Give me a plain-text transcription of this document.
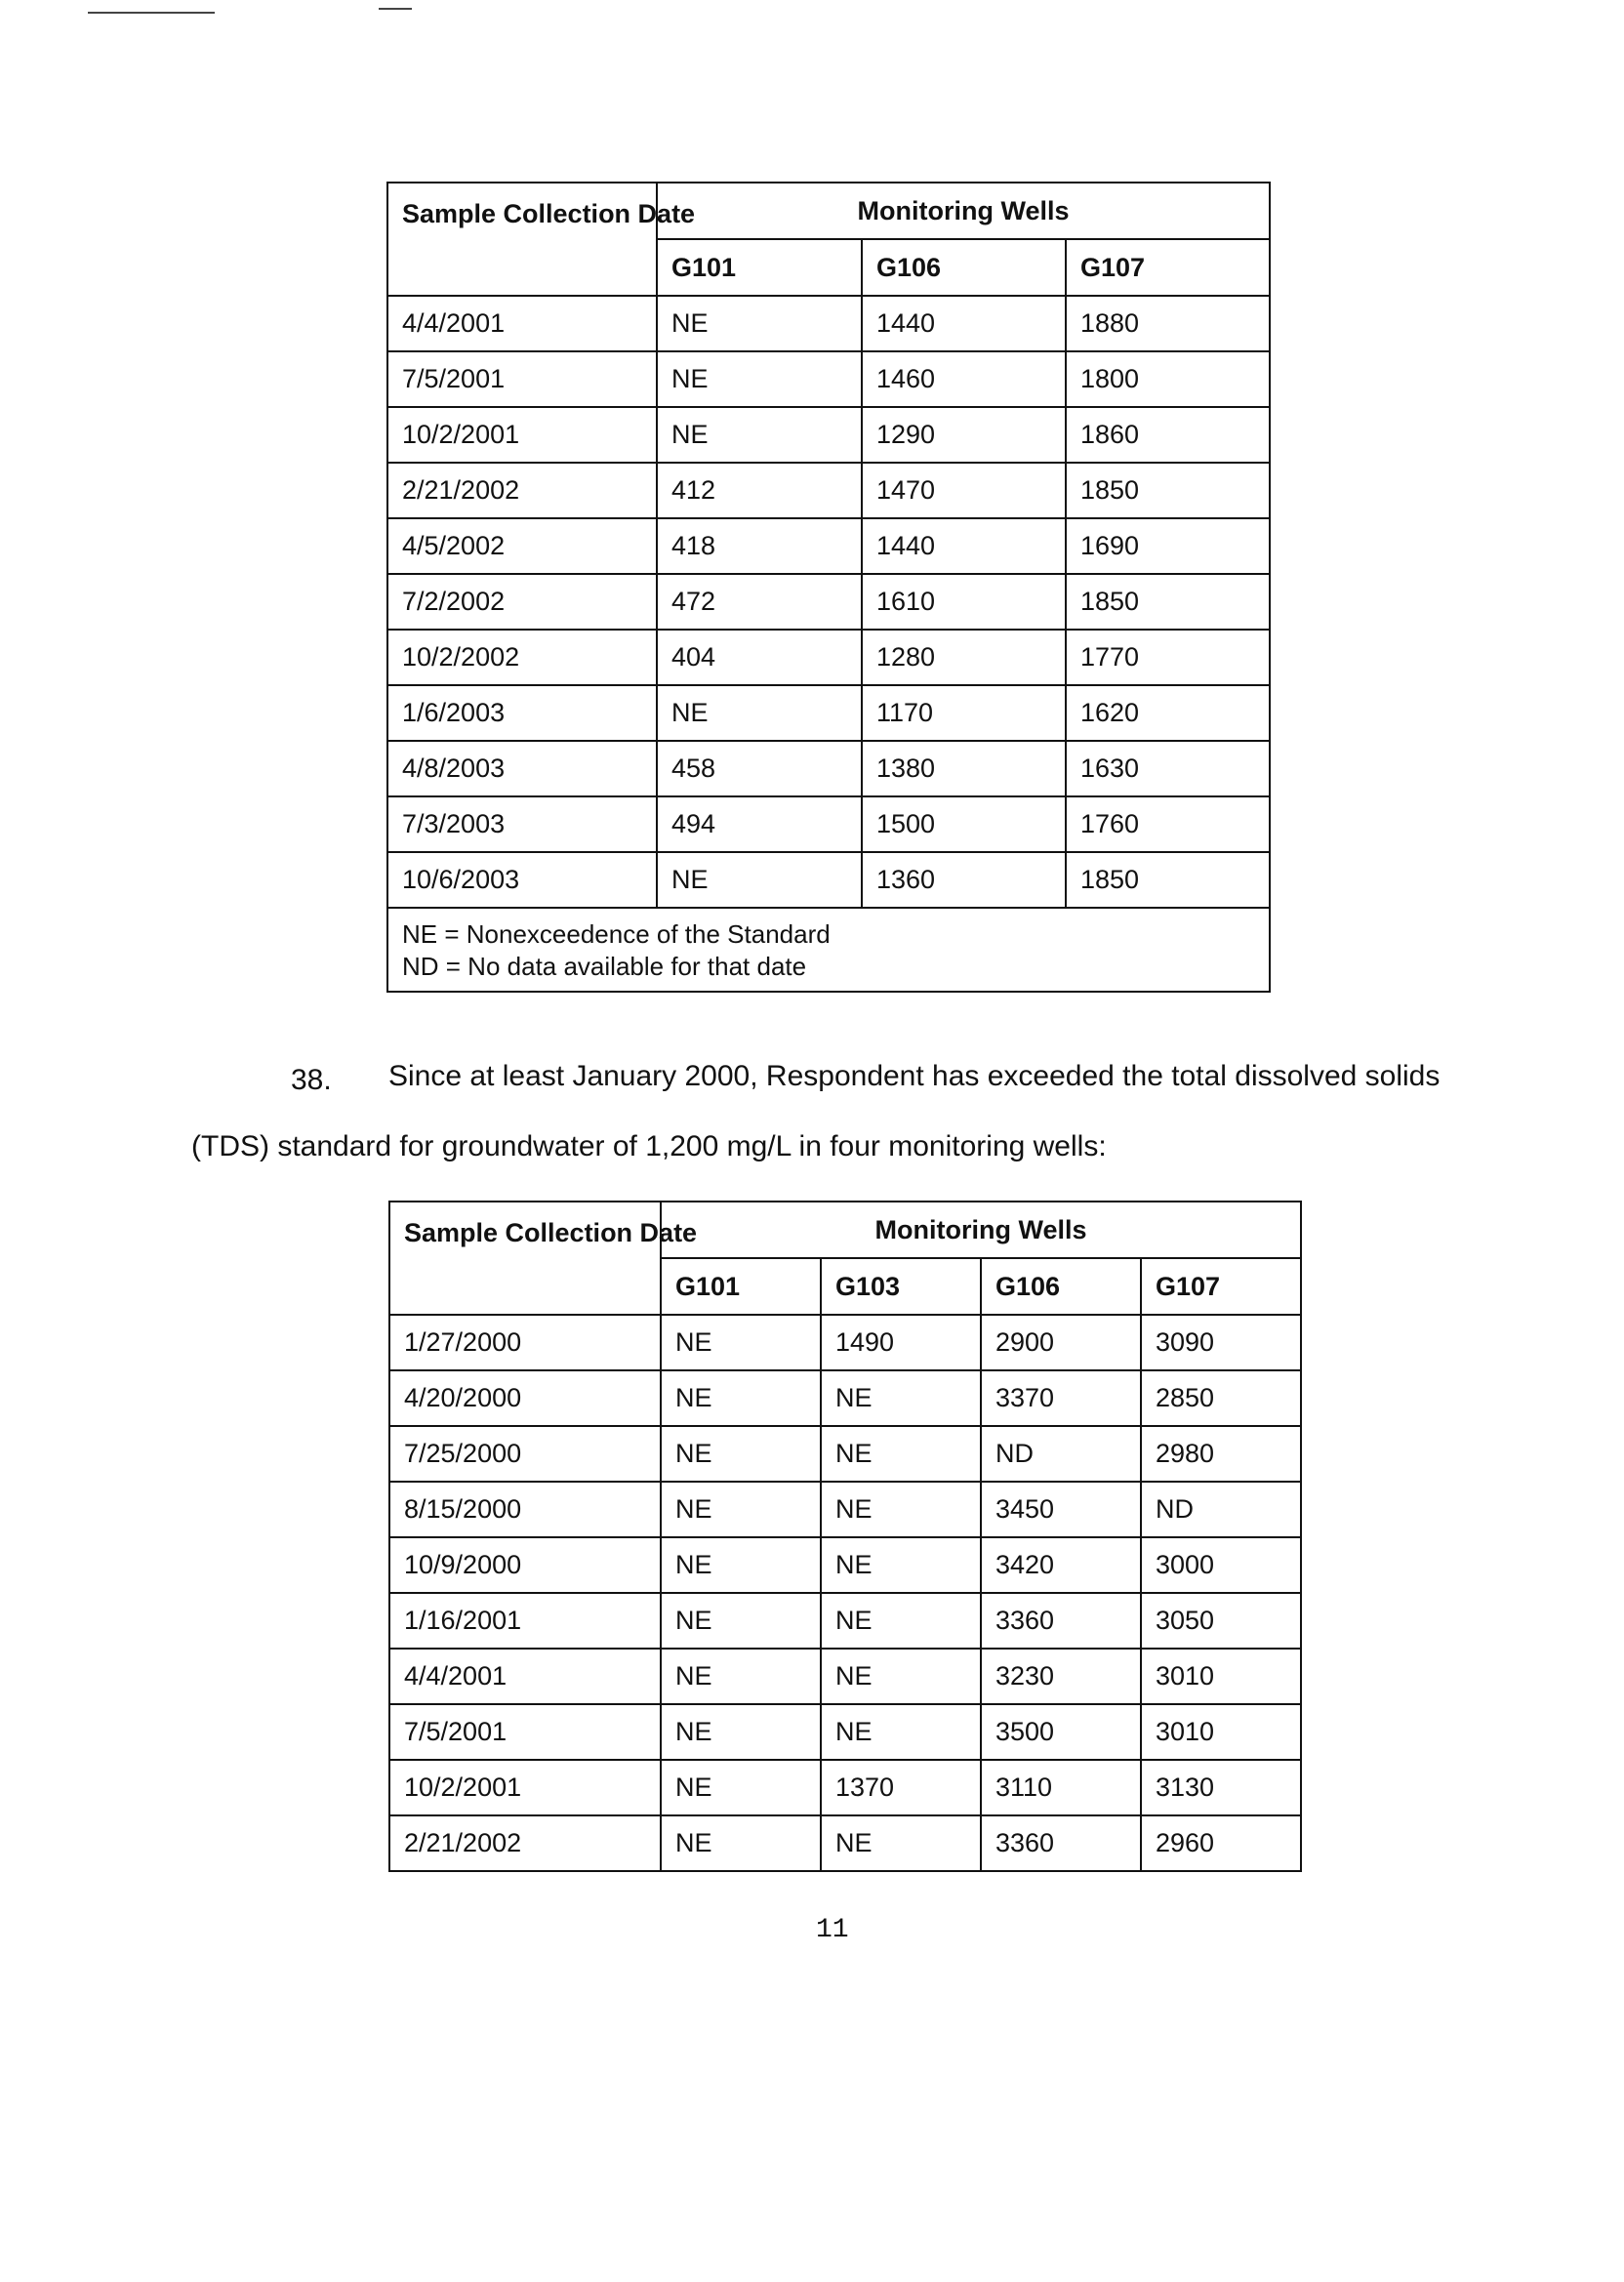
Sample Collection Date	Monitoring Wells		
	G101	G106	G107
4/4/2001	NE	1440	1880
7/5/2001	NE	1460	1800
10/2/2001	NE	1290	1860
2/21/2002	412	1470	1850
4/5/2002	418	1440	1690
7/2/2002	472	1610	1850
10/2/2002	404	1280	1770
1/6/2003	NE	1170	1620
4/8/2003	458	1380	1630
7/3/2003	494	1500	1760
10/6/2003	NE	1360	1850

NE = Nonexceedence of the Standard
ND = No data available for that date			

38. Since at least January 2000, Respondent has exceeded the total dissolved solids

(TDS) standard for groundwater of 1,200 mg/L in four monitoring wells:

Sample Collection Date	Monitoring Wells			
	G101	G103	G106	G107
1/27/2000	NE	1490	2900	3090
4/20/2000	NE	NE	3370	2850
7/25/2000	NE	NE	ND	2980
8/15/2000	NE	NE	3450	ND
10/9/2000	NE	NE	3420	3000
1/16/2001	NE	NE	3360	3050
4/4/2001	NE	NE	3230	3010
7/5/2001	NE	NE	3500	3010
10/2/2001	NE	1370	3110	3130
2/21/2002	NE	NE	3360	2960
11
